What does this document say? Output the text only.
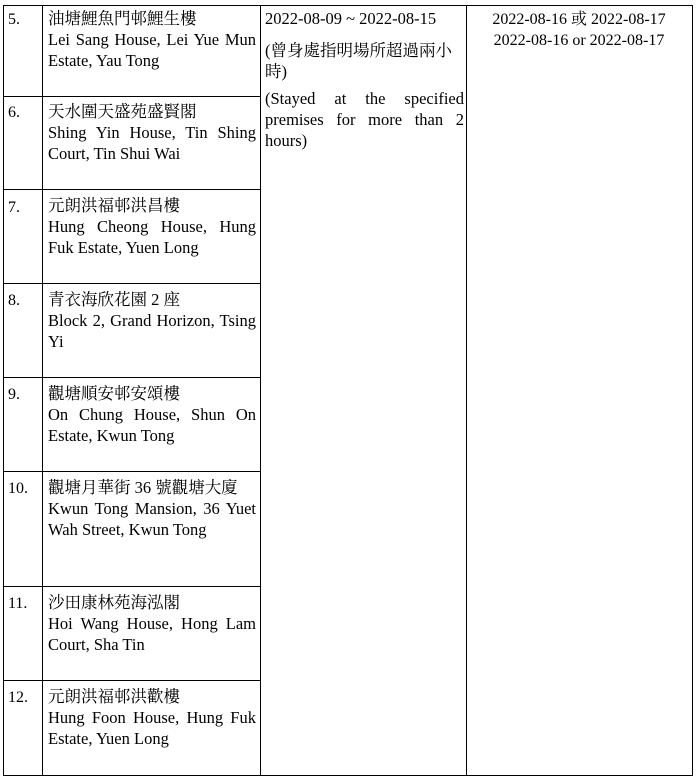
5. 油塘鯉魚門邨鯉生樓
Lei Sang House, Lei Yue Mun Estate, Yau Tong
6. 天水圍天盛苑盛賢閣
Shing Yin House, Tin Shing Court, Tin Shui Wai
7. 元朗洪福邨洪昌樓
Hung Cheong House, Hung Fuk Estate, Yuen Long
8. 青衣海欣花園 2 座
Block 2, Grand Horizon, Tsing Yi
9. 觀塘順安邨安頌樓
On Chung House, Shun On Estate, Kwun Tong
10. 觀塘月華街 36 號觀塘大廈
Kwun Tong Mansion, 36 Yuet Wah Street, Kwun Tong
11. 沙田康林苑海泓閣
Hoi Wang House, Hong Lam Court, Sha Tin
12. 元朗洪福邨洪歡樓
Hung Foon House, Hung Fuk Estate, Yuen Long
2022-08-09 ~ 2022-08-15
(曾身處指明場所超過兩小時)
(Stayed at the specified premises for more than 2 hours)
2022-08-16 或 2022-08-17
2022-08-16 or 2022-08-17
